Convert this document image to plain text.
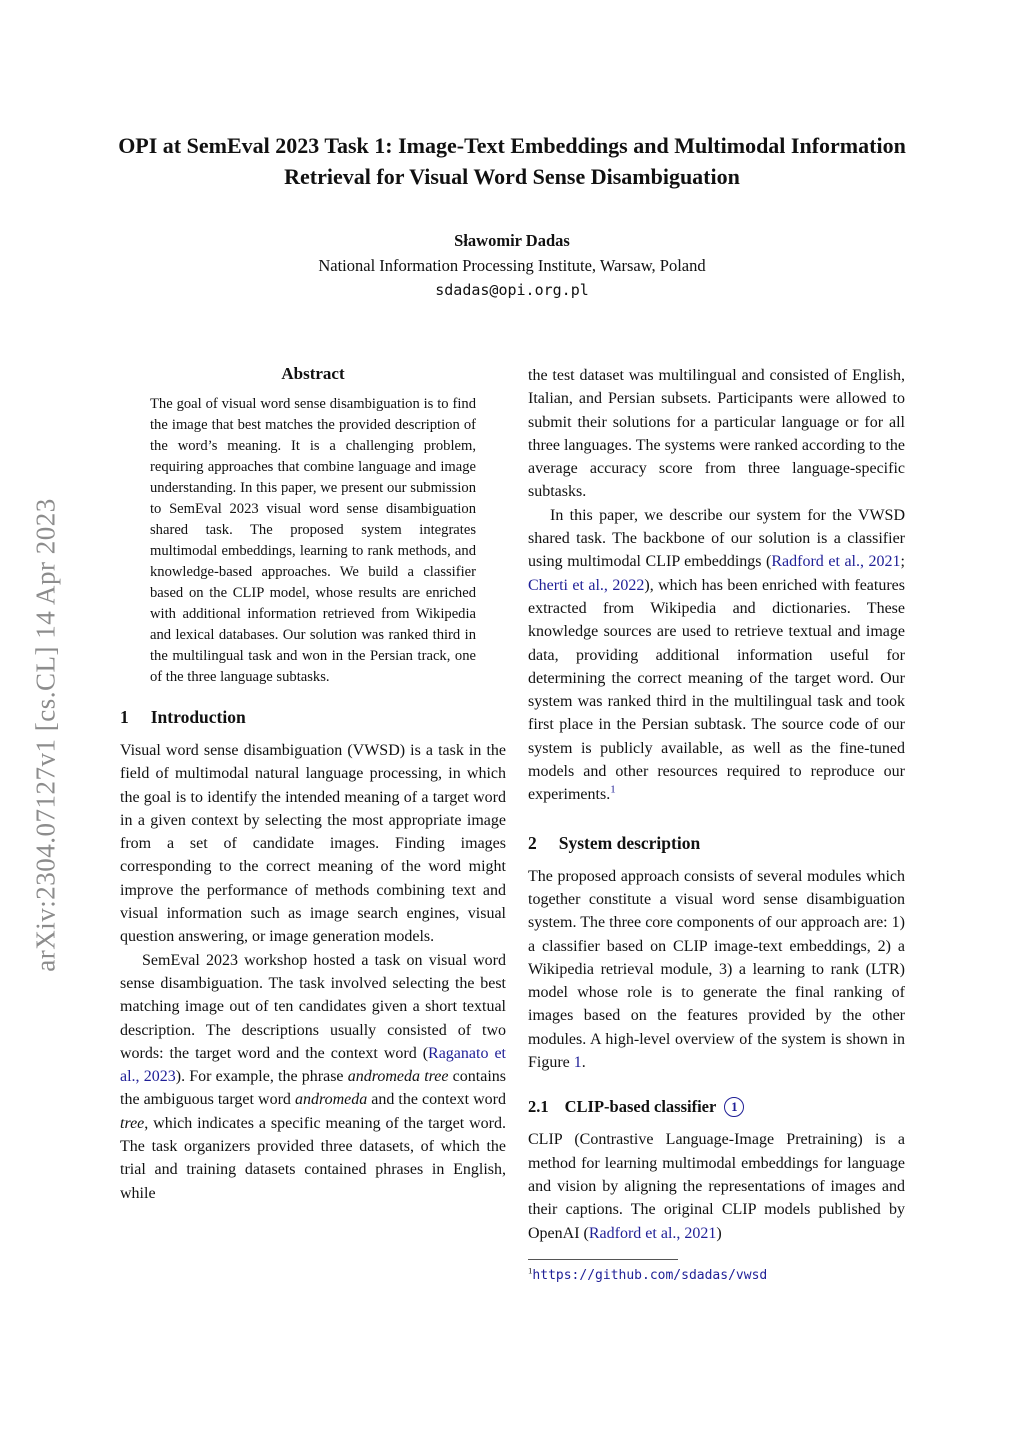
arXiv:2304.07127v1 [cs.CL] 14 Apr 2023
OPI at SemEval 2023 Task 1: Image-Text Embeddings and Multimodal Information Retrieval for Visual Word Sense Disambiguation
Sławomir Dadas
National Information Processing Institute, Warsaw, Poland
sdadas@opi.org.pl
Abstract
The goal of visual word sense disambiguation is to find the image that best matches the provided description of the word’s meaning. It is a challenging problem, requiring approaches that combine language and image understanding. In this paper, we present our submission to SemEval 2023 visual word sense disambiguation shared task. The proposed system integrates multimodal embeddings, learning to rank methods, and knowledge-based approaches. We build a classifier based on the CLIP model, whose results are enriched with additional information retrieved from Wikipedia and lexical databases. Our solution was ranked third in the multilingual task and won in the Persian track, one of the three language subtasks.
1 Introduction

Visual word sense disambiguation (VWSD) is a task in the field of multimodal natural language processing, in which the goal is to identify the intended meaning of a target word in a given context by selecting the most appropriate image from a set of candidate images. Finding images corresponding to the correct meaning of the word might improve the performance of methods combining text and visual information such as image search engines, visual question answering, or image generation models.

SemEval 2023 workshop hosted a task on visual word sense disambiguation. The task involved selecting the best matching image out of ten candidates given a short textual description. The descriptions usually consisted of two words: the target word and the context word (Raganato et al., 2023). For example, the phrase andromeda tree contains the ambiguous target word andromeda and the context word tree, which indicates a specific meaning of the target word. The task organizers provided three datasets, of which the trial and training datasets contained phrases in English, while

the test dataset was multilingual and consisted of English, Italian, and Persian subsets. Participants were allowed to submit their solutions for a particular language or for all three languages. The systems were ranked according to the average accuracy score from three language-specific subtasks.

In this paper, we describe our system for the VWSD shared task. The backbone of our solution is a classifier using multimodal CLIP embeddings (Radford et al., 2021; Cherti et al., 2022), which has been enriched with features extracted from Wikipedia and dictionaries. These knowledge sources are used to retrieve textual and image data, providing additional information useful for determining the correct meaning of the target word. Our system was ranked third in the multilingual task and took first place in the Persian subtask. The source code of our system is publicly available, as well as the fine-tuned models and other resources required to reproduce our experiments.$^1$

2 System description

The proposed approach consists of several modules which together constitute a visual word sense disambiguation system. The three core components of our approach are: 1) a classifier based on CLIP image-text embeddings, 2) a Wikipedia retrieval module, 3) a learning to rank (LTR) model whose role is to generate the final ranking of images based on the features provided by the other modules. A high-level overview of the system is shown in Figure 1.

2.1 CLIP-based classifier	1

CLIP (Contrastive Language-Image Pretraining) is a method for learning multimodal embeddings for language and vision by aligning the representations of images and their captions. The original CLIP models published by OpenAI (Radford et al., 2021)

$^1$https://github.com/sdadas/vwsd
